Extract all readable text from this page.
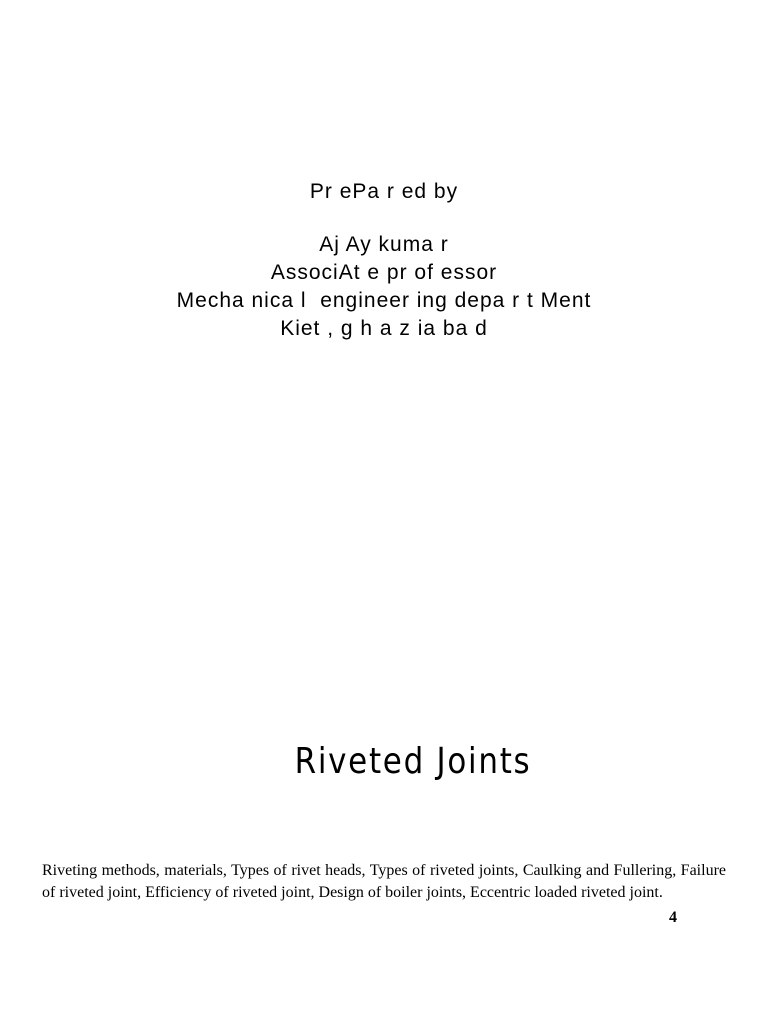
Pr ePa r ed by
Aj Ay kuma r
AssociAt e pr of essor
Mecha nica l  engineer ing depa r t Ment
Kiet , g h a z ia ba d
Riveted Joints
Riveting methods, materials, Types of rivet heads, Types of riveted joints, Caulking and Fullering, Failure of riveted joint, Efficiency of riveted joint, Design of boiler joints, Eccentric loaded riveted joint.
4
